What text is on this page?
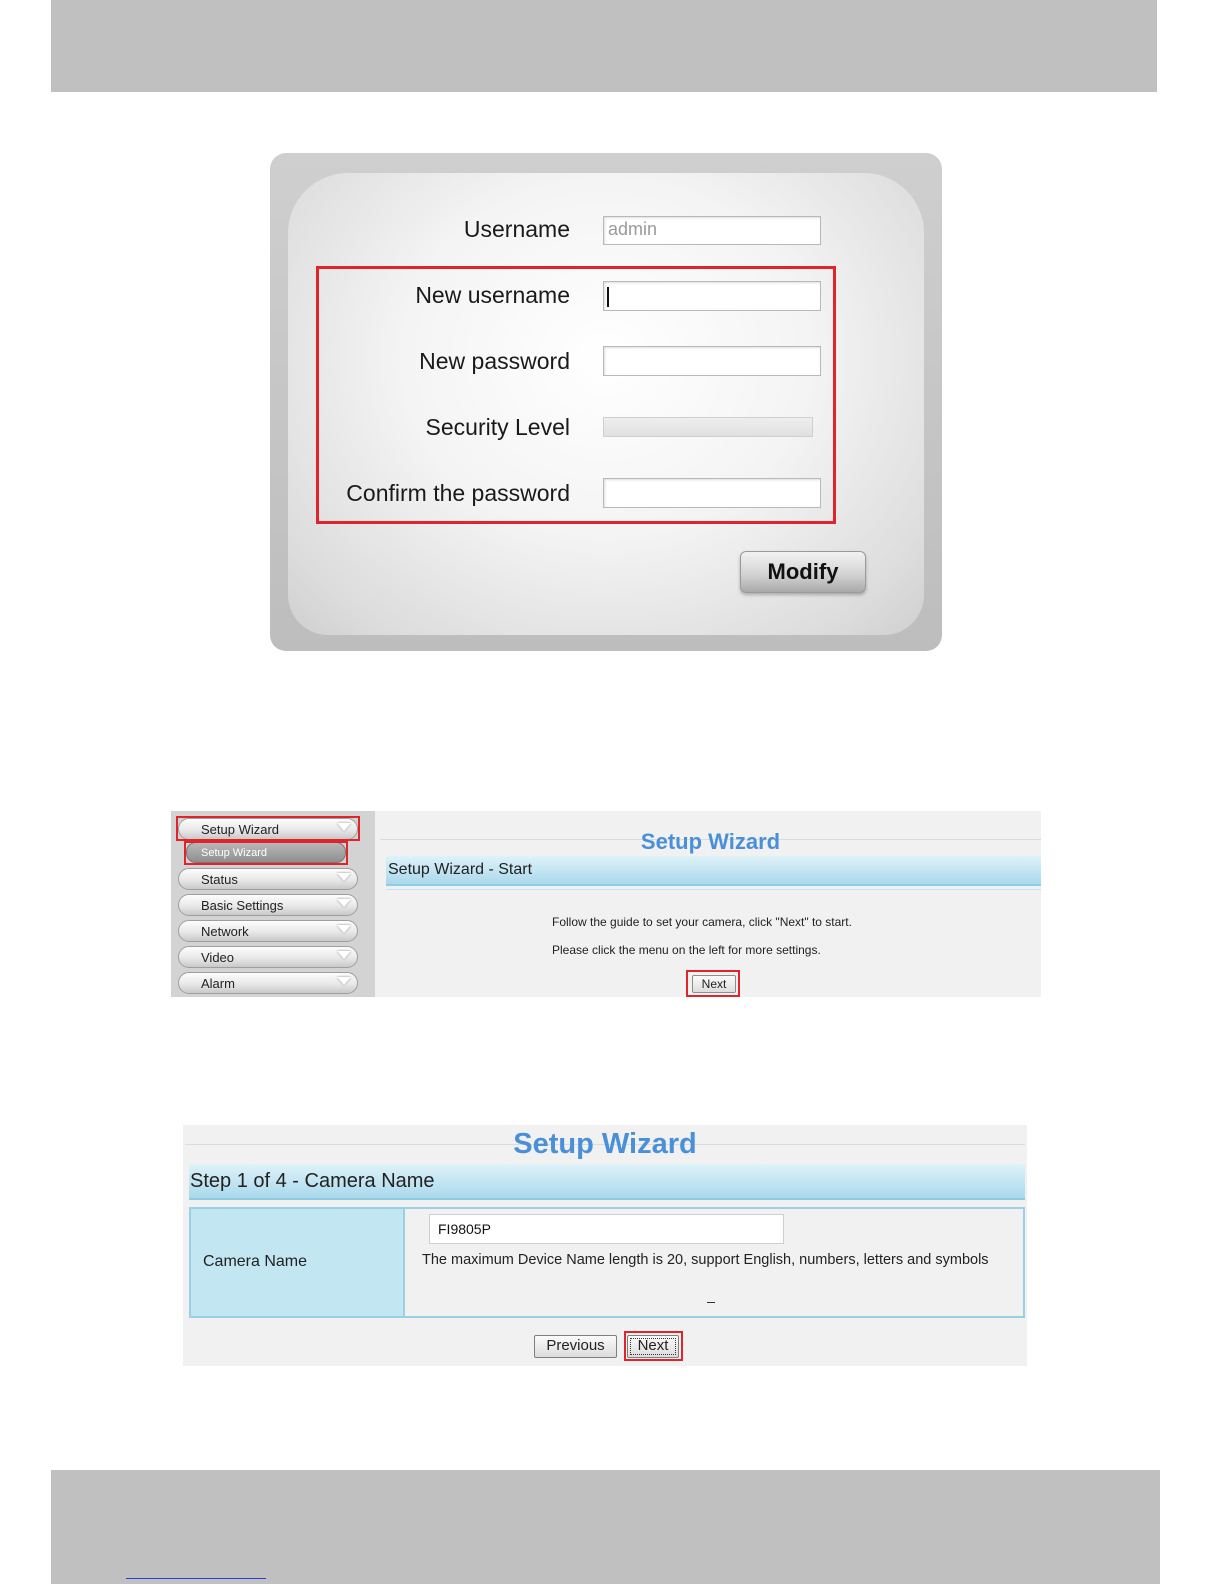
Username admin
New username
New password
Security Level
Confirm the password
Modify
Setup Wizard
Setup Wizard
Status
Basic Settings
Network
Video
Alarm
Setup Wizard
Setup Wizard - Start
Follow the guide to set your camera, click "Next" to start.
Please click the menu on the left for more settings.
Next
Setup Wizard
Step 1 of 4 - Camera Name
Camera Name
FI9805P
The maximum Device Name length is 20, support English, numbers, letters and symbols
Previous	Next
